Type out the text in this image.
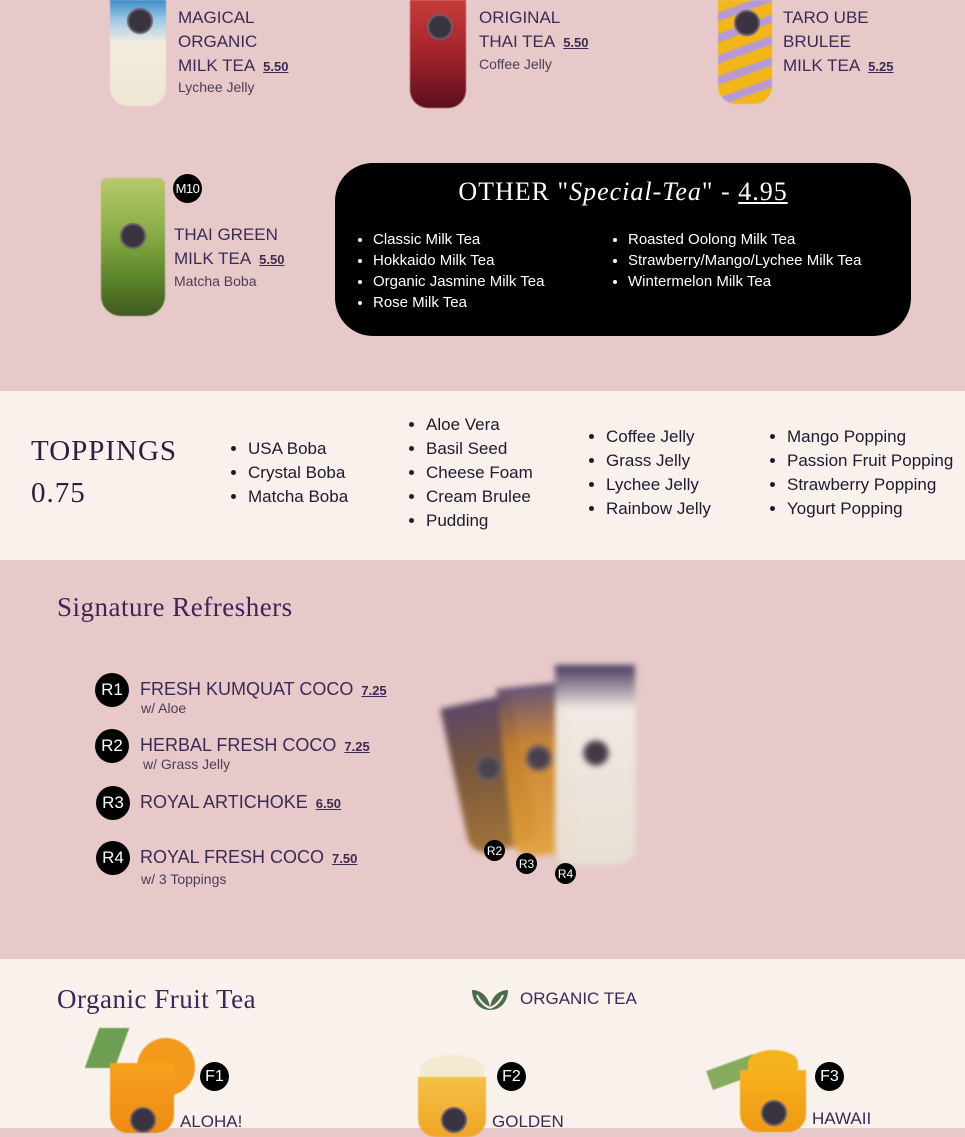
MAGICAL
ORGANIC
MILK TEA 5.50
Lychee Jelly
ORIGINAL
THAI TEA 5.50
Coffee Jelly
TARO UBE
BRULEE
MILK TEA 5.25
M10
THAI GREEN
MILK TEA 5.50
Matcha Boba
OTHER "Special-Tea" - 4.95
• Classic Milk Tea
• Hokkaido Milk Tea
• Organic Jasmine Milk Tea
• Rose Milk Tea
• Roasted Oolong Milk Tea
• Strawberry/Mango/Lychee Milk Tea
• Wintermelon Milk Tea
TOPPINGS
0.75
• USA Boba
• Crystal Boba
• Matcha Boba
• Aloe Vera
• Basil Seed
• Cheese Foam
• Cream Brulee
• Pudding
• Coffee Jelly
• Grass Jelly
• Lychee Jelly
• Rainbow Jelly
• Mango Popping
• Passion Fruit Popping
• Strawberry Popping
• Yogurt Popping
Signature Refreshers
R1 FRESH KUMQUAT COCO 7.25
w/ Aloe
R2 HERBAL FRESH COCO 7.25
w/ Grass Jelly
R3 ROYAL ARTICHOKE 6.50
R4 ROYAL FRESH COCO 7.50
w/ 3 Toppings
R2
R3
R4
Organic Fruit Tea	ORGANIC TEA
F1
ALOHA!
F2
GOLDEN
F3
HAWAII
